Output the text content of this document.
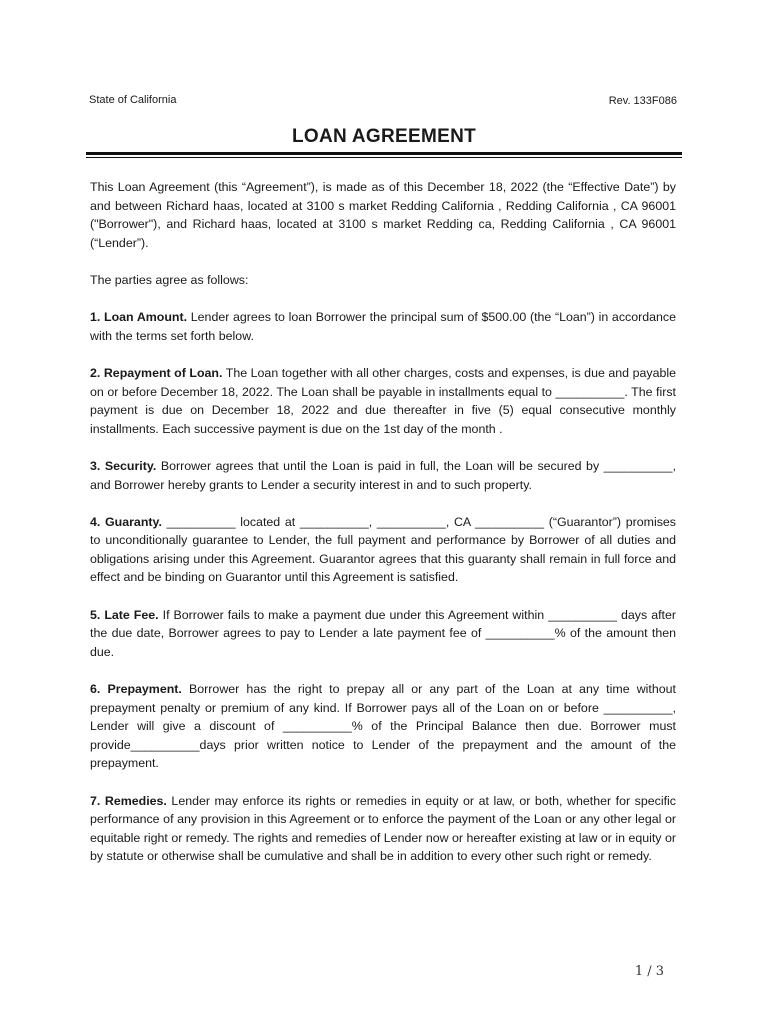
State of California	Rev. 133F086
LOAN AGREEMENT

This Loan Agreement (this “Agreement”), is made as of this December 18, 2022 (the “Effective Date”) by and between Richard haas, located at 3100 s market Redding California , Redding California , CA 96001 ("Borrower"), and Richard haas, located at 3100 s market Redding ca, Redding California , CA 96001 (“Lender”).

The parties agree as follows:

1. Loan Amount. Lender agrees to loan Borrower the principal sum of $500.00 (the “Loan”) in accordance with the terms set forth below.

2. Repayment of Loan. The Loan together with all other charges, costs and expenses, is due and payable on or before December 18, 2022. The Loan shall be payable in installments equal to __________. The first payment is due on December 18, 2022 and due thereafter in five (5) equal consecutive monthly installments. Each successive payment is due on the 1st day of the month .

3. Security. Borrower agrees that until the Loan is paid in full, the Loan will be secured by __________, and Borrower hereby grants to Lender a security interest in and to such property.

4. Guaranty. __________ located at __________, __________, CA __________ (“Guarantor”) promises to unconditionally guarantee to Lender, the full payment and performance by Borrower of all duties and obligations arising under this Agreement. Guarantor agrees that this guaranty shall remain in full force and effect and be binding on Guarantor until this Agreement is satisfied.

5. Late Fee. If Borrower fails to make a payment due under this Agreement within __________ days after the due date, Borrower agrees to pay to Lender a late payment fee of __________% of the amount then due.

6. Prepayment. Borrower has the right to prepay all or any part of the Loan at any time without prepayment penalty or premium of any kind. If Borrower pays all of the Loan on or before __________, Lender will give a discount of __________% of the Principal Balance then due. Borrower must provide__________days prior written notice to Lender of the prepayment and the amount of the prepayment.

7. Remedies. Lender may enforce its rights or remedies in equity or at law, or both, whether for specific performance of any provision in this Agreement or to enforce the payment of the Loan or any other legal or equitable right or remedy. The rights and remedies of Lender now or hereafter existing at law or in equity or by statute or otherwise shall be cumulative and shall be in addition to every other such right or remedy.

1 / 3
